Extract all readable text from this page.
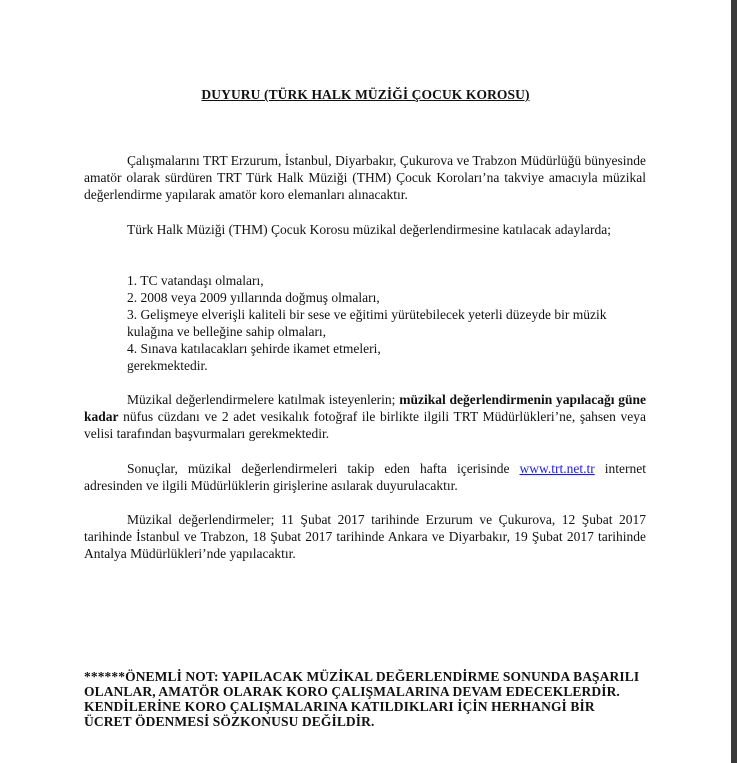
DUYURU (TÜRK HALK MÜZİĞİ ÇOCUK KOROSU)
Çalışmalarını TRT Erzurum, İstanbul, Diyarbakır, Çukurova ve Trabzon Müdürlüğü bünyesinde amatör olarak sürdüren TRT Türk Halk Müziği (THM) Çocuk Koroları’na takviye amacıyla müzikal değerlendirme yapılarak amatör koro elemanları alınacaktır.
Türk Halk Müziği (THM) Çocuk Korosu müzikal değerlendirmesine katılacak adaylarda;
1. TC vatandaşı olmaları,
2. 2008 veya 2009 yıllarında doğmuş olmaları,
3. Gelişmeye elverişli kaliteli bir sese ve eğitimi yürütebilecek yeterli düzeyde bir müzik kulağına ve belleğine sahip olmaları,
4. Sınava katılacakları şehirde ikamet etmeleri,
gerekmektedir.
Müzikal değerlendirmelere katılmak isteyenlerin; müzikal değerlendirmenin yapılacağı güne kadar nüfus cüzdanı ve 2 adet vesikalık fotoğraf ile birlikte ilgili TRT Müdürlükleri’ne, şahsen veya velisi tarafından başvurmaları gerekmektedir.
Sonuçlar, müzikal değerlendirmeleri takip eden hafta içerisinde www.trt.net.tr internet adresinden ve ilgili Müdürlüklerin girişlerine asılarak duyurulacaktır.
Müzikal değerlendirmeler; 11 Şubat 2017 tarihinde Erzurum ve Çukurova, 12 Şubat 2017 tarihinde İstanbul ve Trabzon, 18 Şubat 2017 tarihinde Ankara ve Diyarbakır, 19 Şubat 2017 tarihinde Antalya Müdürlükleri’nde yapılacaktır.
******ÖNEMLİ NOT: YAPILACAK MÜZİKAL DEĞERLENDİRME SONUNDA BAŞARILI OLANLAR, AMATÖR OLARAK KORO ÇALIŞMALARINA DEVAM EDECEKLERDİR. KENDİLERİNE KORO ÇALIŞMALARINA KATILDIKLARI İÇİN HERHANGİ BİR ÜCRET ÖDENMESİ SÖZKONUSU DEĞİLDİR.
